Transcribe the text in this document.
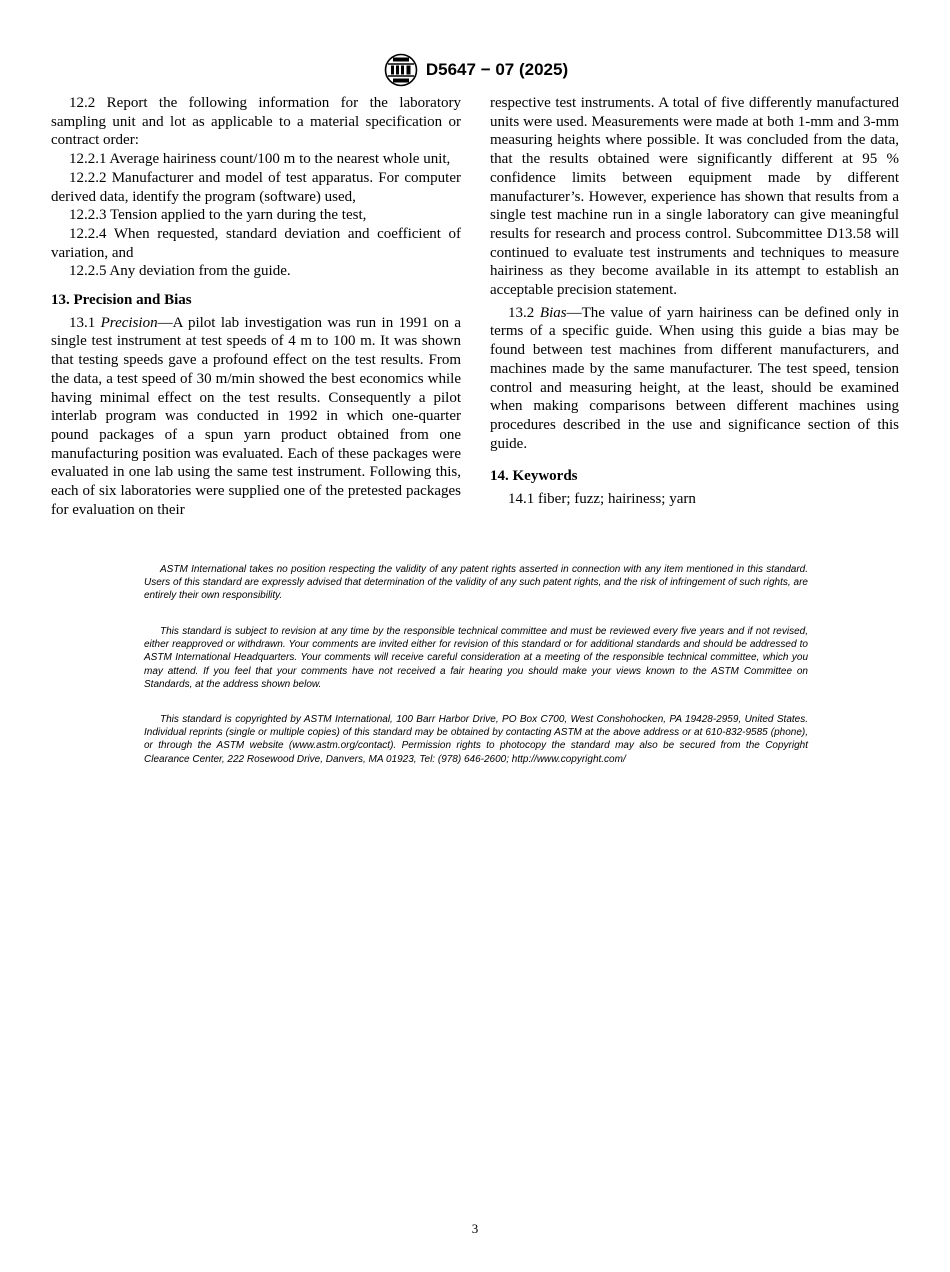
D5647 − 07 (2025)

12.2 Report the following information for the laboratory sampling unit and lot as applicable to a material specification or contract order:

12.2.1 Average hairiness count/100 m to the nearest whole unit,

12.2.2 Manufacturer and model of test apparatus. For computer derived data, identify the program (software) used,

12.2.3 Tension applied to the yarn during the test,

12.2.4 When requested, standard deviation and coefficient of variation, and

12.2.5 Any deviation from the guide.

13. Precision and Bias

13.1 Precision—A pilot lab investigation was run in 1991 on a single test instrument at test speeds of 4 m to 100 m. It was shown that testing speeds gave a profound effect on the test results. From the data, a test speed of 30 m/min showed the best economics while having minimal effect on the test results. Consequently a pilot interlab program was conducted in 1992 in which one-quarter pound packages of a spun yarn product obtained from one manufacturing position was evaluated. Each of these packages were evaluated in one lab using the same test instrument. Following this, each of six laboratories were supplied one of the pretested packages for evaluation on their

respective test instruments. A total of five differently manufactured units were used. Measurements were made at both 1-mm and 3-mm measuring heights where possible. It was concluded from the data, that the results obtained were significantly different at 95 % confidence limits between equipment made by different manufacturer’s. However, experience has shown that results from a single test machine run in a single laboratory can give meaningful results for research and process control. Subcommittee D13.58 will continued to evaluate test instruments and techniques to measure hairiness as they become available in its attempt to establish an acceptable precision statement.

13.2 Bias—The value of yarn hairiness can be defined only in terms of a specific guide. When using this guide a bias may be found between test machines from different manufacturers, and machines made by the same manufacturer. The test speed, tension control and measuring height, at the least, should be examined when making comparisons between different machines using procedures described in the use and significance section of this guide.

14. Keywords

14.1 fiber; fuzz; hairiness; yarn

ASTM International takes no position respecting the validity of any patent rights asserted in connection with any item mentioned in this standard. Users of this standard are expressly advised that determination of the validity of any such patent rights, and the risk of infringement of such rights, are entirely their own responsibility.

This standard is subject to revision at any time by the responsible technical committee and must be reviewed every five years and if not revised, either reapproved or withdrawn. Your comments are invited either for revision of this standard or for additional standards and should be addressed to ASTM International Headquarters. Your comments will receive careful consideration at a meeting of the responsible technical committee, which you may attend. If you feel that your comments have not received a fair hearing you should make your views known to the ASTM Committee on Standards, at the address shown below.

This standard is copyrighted by ASTM International, 100 Barr Harbor Drive, PO Box C700, West Conshohocken, PA 19428-2959, United States. Individual reprints (single or multiple copies) of this standard may be obtained by contacting ASTM at the above address or at 610-832-9585 (phone), or through the ASTM website (www.astm.org/contact). Permission rights to photocopy the standard may also be secured from the Copyright Clearance Center, 222 Rosewood Drive, Danvers, MA 01923, Tel: (978) 646-2600; http://www.copyright.com/

3
